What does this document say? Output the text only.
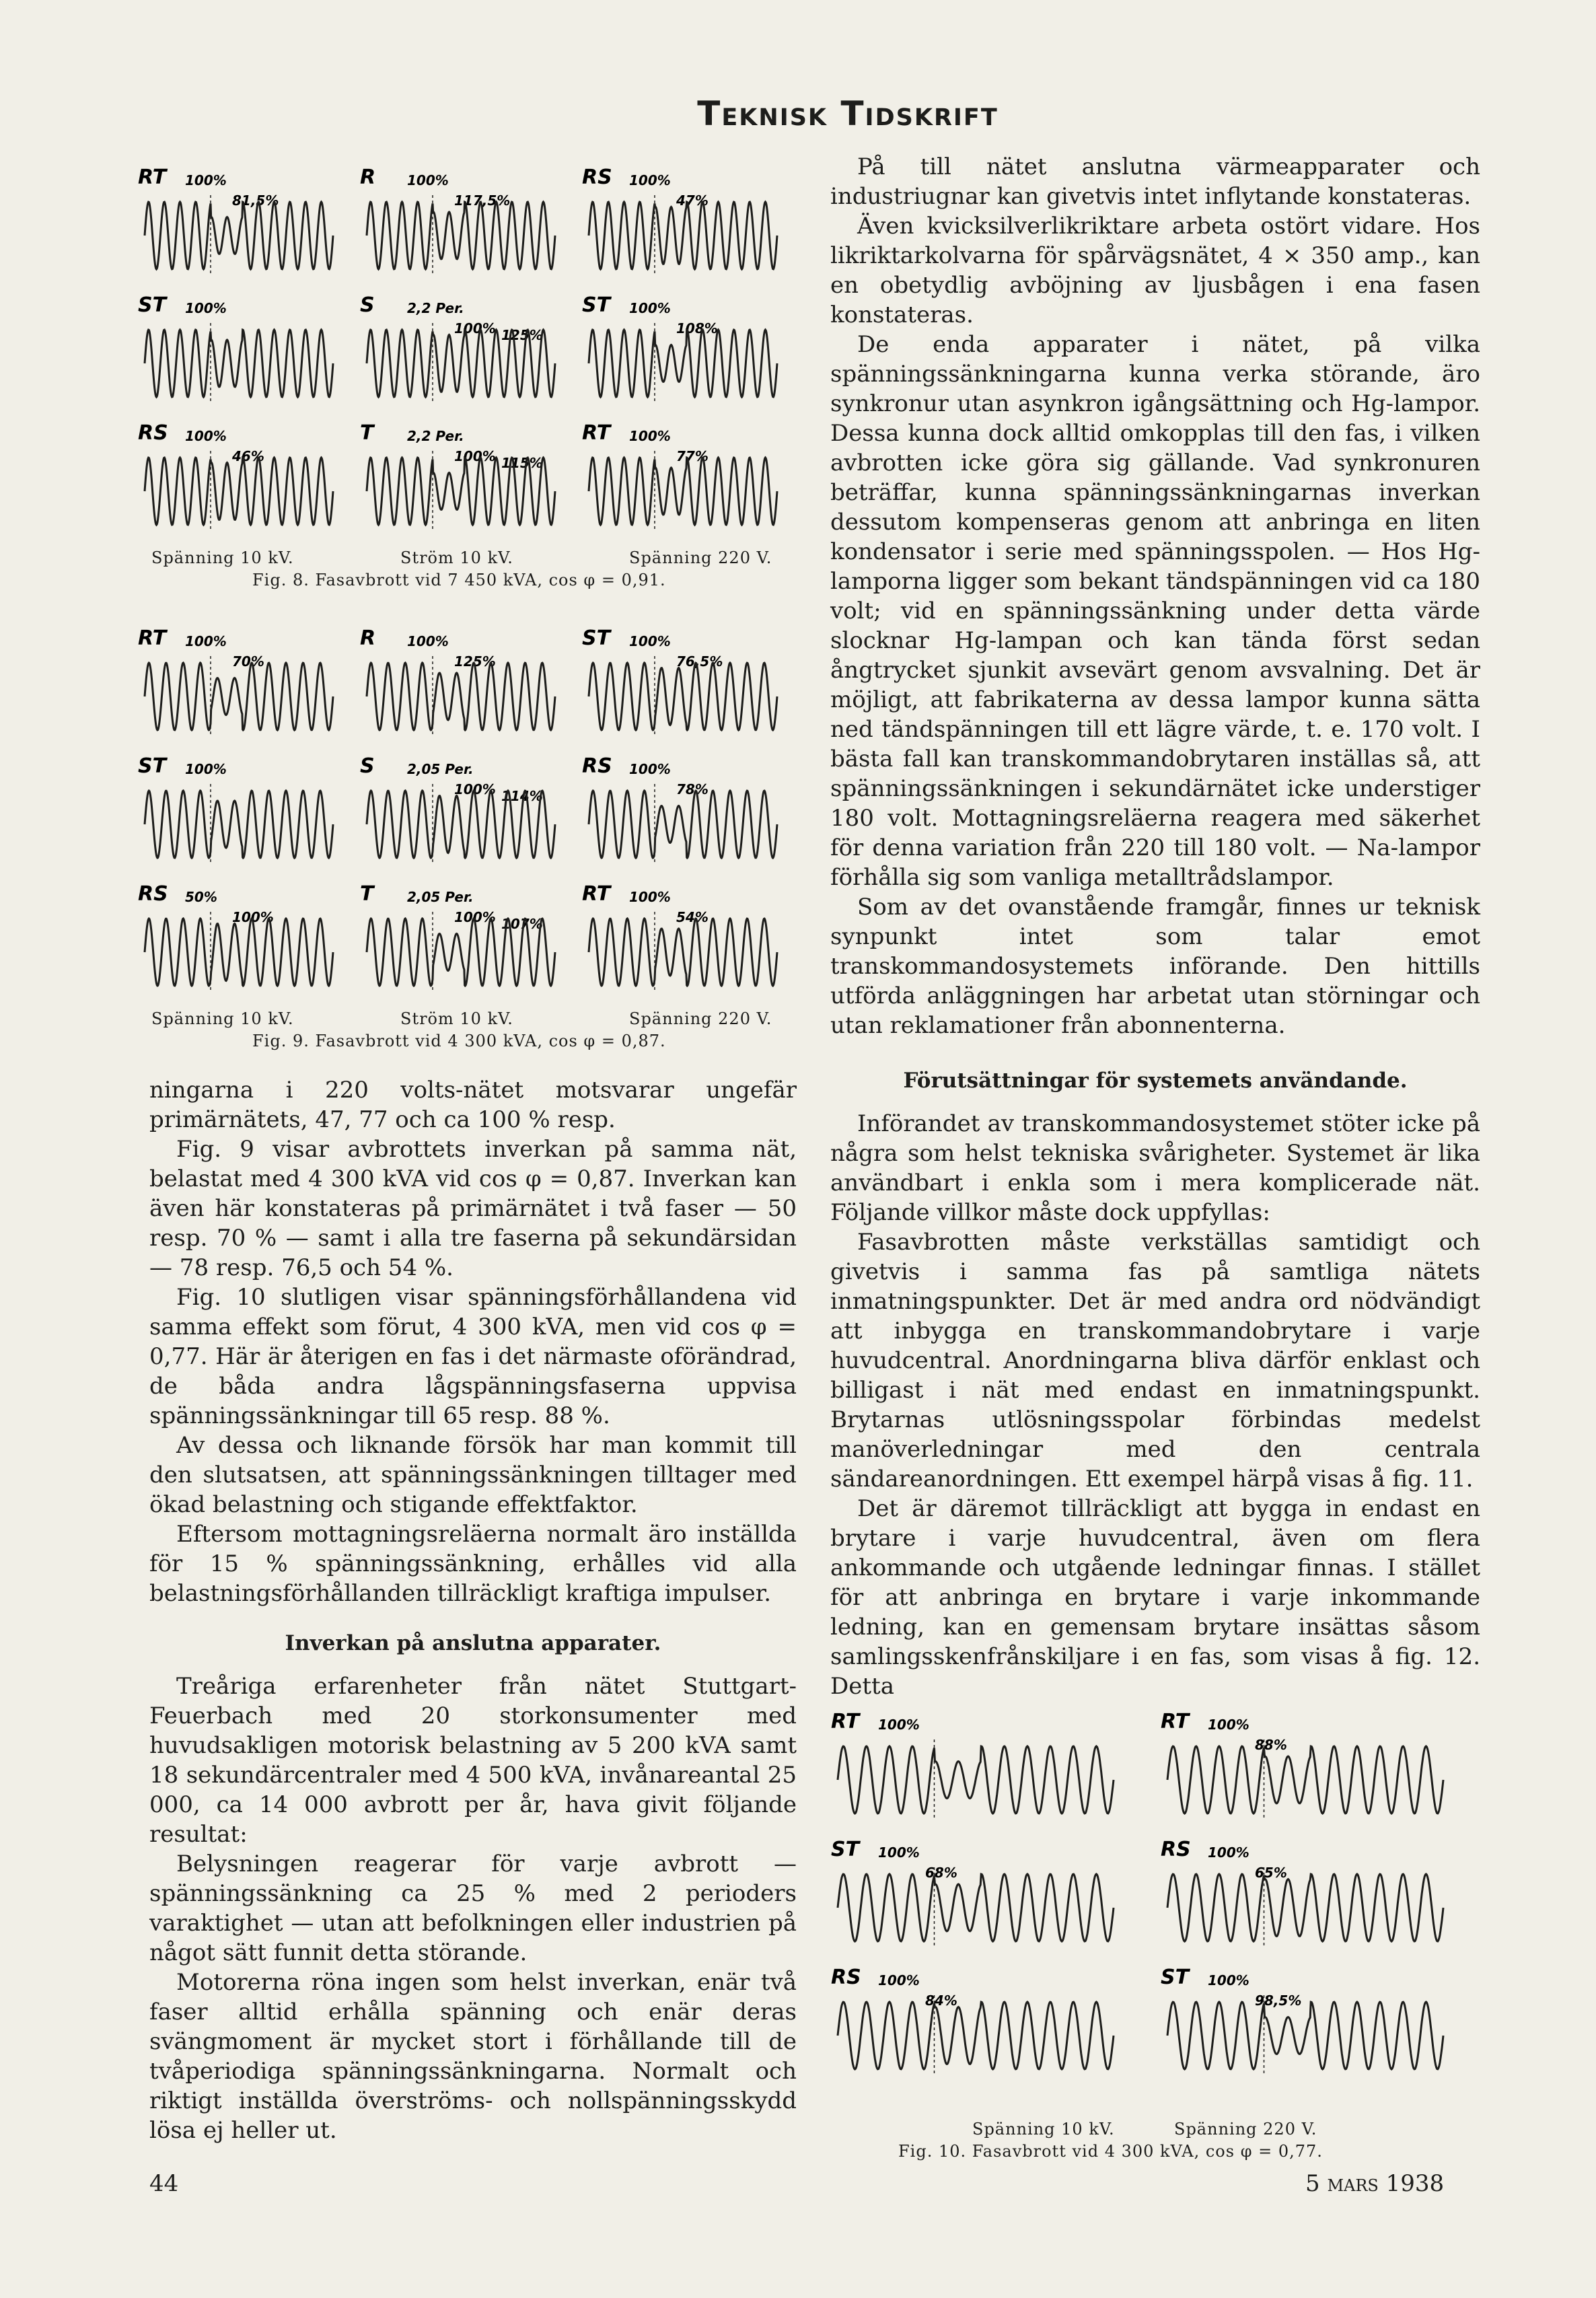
Teknisk Tidskrift
RT 100%
81,5%
ST 100%
RS 100%
46%
R 100%
117,5%
S 2,2 Per.
100% 125%
T 2,2 Per.
100% 115%
RS 100%
47%
ST 100%
108%
RT 100%
77%
Spänning 10 kV.	Ström 10 kV.	Spänning 220 V.
Fig. 8. Fasavbrott vid 7 450 kVA, cos φ = 0,91.
RT 100%
70%
ST 100%
RS 50%
100%
R 100%
125%
S 2,05 Per.
100% 114%
T 2,05 Per.
100% 107%
ST 100%
76,5%
RS 100%
78%
RT 100%
54%
Spänning 10 kV.	Ström 10 kV.	Spänning 220 V.
Fig. 9. Fasavbrott vid 4 300 kVA, cos φ = 0,87.

ningarna i 220 volts-nätet motsvarar ungefär primärnätets, 47, 77 och ca 100 % resp.

Fig. 9 visar avbrottets inverkan på samma nät, belastat med 4 300 kVA vid cos φ = 0,87. Inverkan kan även här konstateras på primärnätet i två faser — 50 resp. 70 % — samt i alla tre faserna på sekundärsidan — 78 resp. 76,5 och 54 %.

Fig. 10 slutligen visar spänningsförhållandena vid samma effekt som förut, 4 300 kVA, men vid cos φ = 0,77. Här är återigen en fas i det närmaste oförändrad, de båda andra lågspänningsfaserna uppvisa spänningssänkningar till 65 resp. 88 %.

Av dessa och liknande försök har man kommit till den slutsatsen, att spänningssänkningen tilltager med ökad belastning och stigande effektfaktor.

Eftersom mottagningsreläerna normalt äro inställda för 15 % spänningssänkning, erhålles vid alla belastningsförhållanden tillräckligt kraftiga impulser.

Inverkan på anslutna apparater.

Treåriga erfarenheter från nätet Stuttgart-Feuerbach med 20 storkonsumenter med huvudsakligen motorisk belastning av 5 200 kVA samt 18 sekundärcentraler med 4 500 kVA, invånareantal 25 000, ca 14 000 avbrott per år, hava givit följande resultat:

Belysningen reagerar för varje avbrott — spänningssänkning ca 25 % med 2 perioders varaktighet — utan att befolkningen eller industrien på något sätt funnit detta störande.

Motorerna röna ingen som helst inverkan, enär två faser alltid erhålla spänning och enär deras svängmoment är mycket stort i förhållande till de tvåperiodiga spänningssänkningarna. Normalt och riktigt inställda överströms- och nollspänningsskydd lösa ej heller ut.

På till nätet anslutna värmeapparater och industriugnar kan givetvis intet inflytande konstateras.

Även kvicksilverlikriktare arbeta ostört vidare. Hos likriktarkolvarna för spårvägsnätet, 4 × 350 amp., kan en obetydlig avböjning av ljusbågen i ena fasen konstateras.

De enda apparater i nätet, på vilka spänningssänkningarna kunna verka störande, äro synkronur utan asynkron igångsättning och Hg-lampor. Dessa kunna dock alltid omkopplas till den fas, i vilken avbrotten icke göra sig gällande. Vad synkronuren beträffar, kunna spänningssänkningarnas inverkan dessutom kompenseras genom att anbringa en liten kondensator i serie med spänningsspolen. — Hos Hg-lamporna ligger som bekant tändspänningen vid ca 180 volt; vid en spänningssänkning under detta värde slocknar Hg-lampan och kan tända först sedan ångtrycket sjunkit avsevärt genom avsvalning. Det är möjligt, att fabrikaterna av dessa lampor kunna sätta ned tändspänningen till ett lägre värde, t. e. 170 volt. I bästa fall kan transkommandobrytaren inställas så, att spänningssänkningen i sekundärnätet icke understiger 180 volt. Mottagningsreläerna reagera med säkerhet för denna variation från 220 till 180 volt. — Na-lampor förhålla sig som vanliga metalltrådslampor.

Som av det ovanstående framgår, finnes ur teknisk synpunkt intet som talar emot transkommandosystemets införande. Den hittills utförda anläggningen har arbetat utan störningar och utan reklamationer från abonnenterna.

Förutsättningar för systemets användande.

Införandet av transkommandosystemet stöter icke på några som helst tekniska svårigheter. Systemet är lika användbart i enkla som i mera komplicerade nät. Följande villkor måste dock uppfyllas:

Fasavbrotten måste verkställas samtidigt och givetvis i samma fas på samtliga nätets inmatningspunkter. Det är med andra ord nödvändigt att inbygga en transkommandobrytare i varje huvudcentral. Anordningarna bliva därför enklast och billigast i nät med endast en inmatningspunkt. Brytarnas utlösningsspolar förbindas medelst manöverledningar med den centrala sändareanordningen. Ett exempel härpå visas å fig. 11.

Det är däremot tillräckligt att bygga in endast en brytare i varje huvudcentral, även om flera ankommande och utgående ledningar finnas. I stället för att anbringa en brytare i varje inkommande ledning, kan en gemensam brytare insättas såsom samlingsskenfrånskiljare i en fas, som visas å fig. 12. Detta

RT 100%
ST 100%
68%
RS 100%
84%
RT 100%
88%
RS 100%
65%
ST 100%
98,5%
Spänning 10 kV.	Spänning 220 V.
Fig. 10. Fasavbrott vid 4 300 kVA, cos φ = 0,77.
44	5 mars 1938
